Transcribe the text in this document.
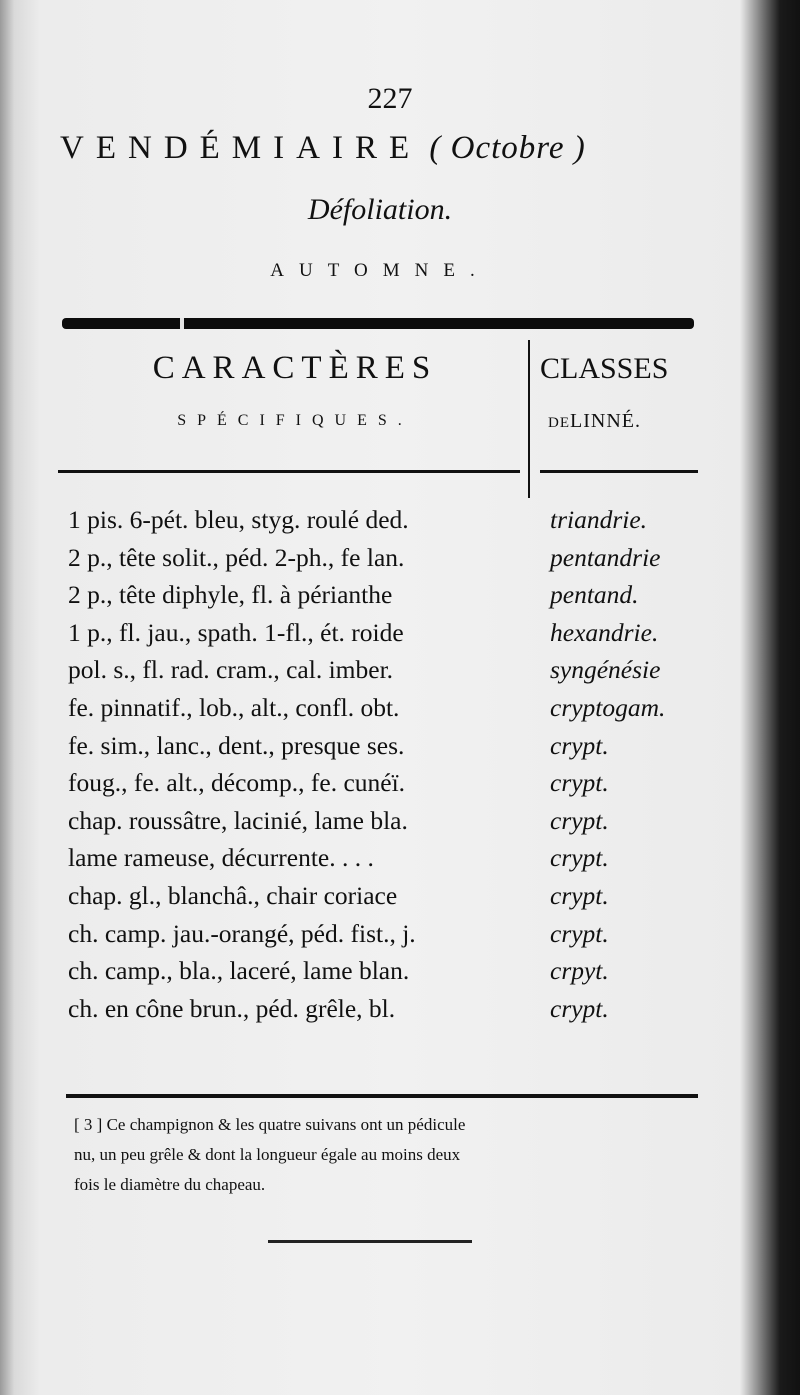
227
VENDÉMIAIRE ( Octobre )
Défoliation.
AUTOMNE.
CARACTÈRES
SPÉCIFIQUES.
CLASSES
DELINNÉ.
1 pis. 6-pét. bleu, styg. roulé ded.	triandrie.
2 p., tête solit., péd. 2-ph., fe lan.	pentandrie
2 p., tête diphyle, fl. à périanthe	pentand.
1 p., fl. jau., spath. 1-fl., ét. roide	hexandrie.
pol. s., fl. rad. cram., cal. imber.	syngénésie
fe. pinnatif., lob., alt., confl. obt.	cryptogam.
fe. sim., lanc., dent., presque ses.	crypt.
foug., fe. alt., décomp., fe. cunéï.	crypt.
chap. roussâtre, lacinié, lame bla.	crypt.
lame rameuse, décurrente. . . .	crypt.
chap. gl., blanchâ., chair coriace	crypt.
ch. camp. jau.-orangé, péd. fist., j.	crypt.
ch. camp., bla., laceré, lame blan.	crpyt.
ch. en cône brun., péd. grêle, bl.	crypt.
[ 3 ] Ce champignon & les quatre suivans ont un pédicule
nu, un peu grêle & dont la longueur égale au moins deux
fois le diamètre du chapeau.
